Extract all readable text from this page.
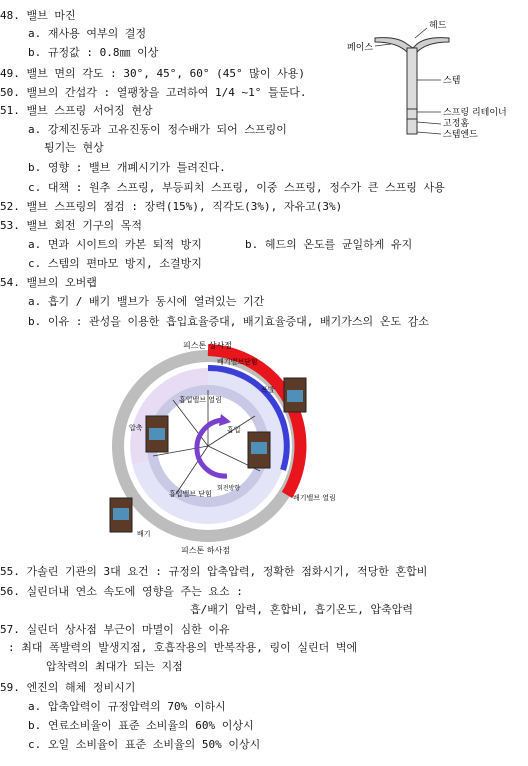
48. 밸브 마진
a. 재사용 여부의 결정
b. 규정값 : 0.8㎜ 이상
49. 밸브 면의 각도 : 30°, 45°, 60° (45° 많이 사용)
50. 밸브의 간섭각 : 열팽창을 고려하여 1/4 ~1° 틀둔다.
51. 밸브 스프링 서어징 현상
a. 강제진동과 고유진동이 정수배가 되어 스프링이
튕기는 현상
b. 영향 : 밸브 개폐시기가 틀려진다.
c. 대책 : 원추 스프링, 부등피치 스프링, 이중 스프링, 정수가 큰 스프링 사용
52. 밸브 스프링의 점검 : 장력(15%), 직각도(3%), 자유고(3%)
53. 밸브 회전 기구의 목적
a. 면과 시이트의 카본 퇴적 방지	b. 헤드의 온도를 균일하게 유지
c. 스템의 편마모 방지, 소결방지
54. 밸브의 오버랩
a. 흡기 / 배기 밸브가 동시에 열려있는 기간
b. 이유 : 관성을 이용한 흡입효율증대, 배기효율증대, 배기가스의 온도 감소
55. 가솔린 기관의 3대 요건 : 규정의 압축압력, 정확한 점화시기, 적당한 혼합비
56. 실린더내 연소 속도에 영향을 주는 요소 :
흡/배기 압력, 혼합비, 흡기온도, 압축압력
57. 실린더 상사점 부근이 마멸이 심한 이유
: 최대 폭발력의 발생지점, 호흡작용의 반복작용, 링이 실린더 벽에
압착력의 최대가 되는 지점
59. 엔진의 해체 정비시기
a. 압축압력이 규정압력의 70% 이하시
b. 연료소비율이 표준 소비율의 60% 이상시
c. 오일 소비율이 표준 소비율의 50% 이상시
헤드
페이스
스템
스프링 리테이너
고정홈
스템엔드
피스톤 상사점
배기밸브닫힘
폭발
흡입밸브 열림
흡입
압축
회전방향
배기밸브 열림
흡입밸브 닫힘
배기
피스톤 하사점
